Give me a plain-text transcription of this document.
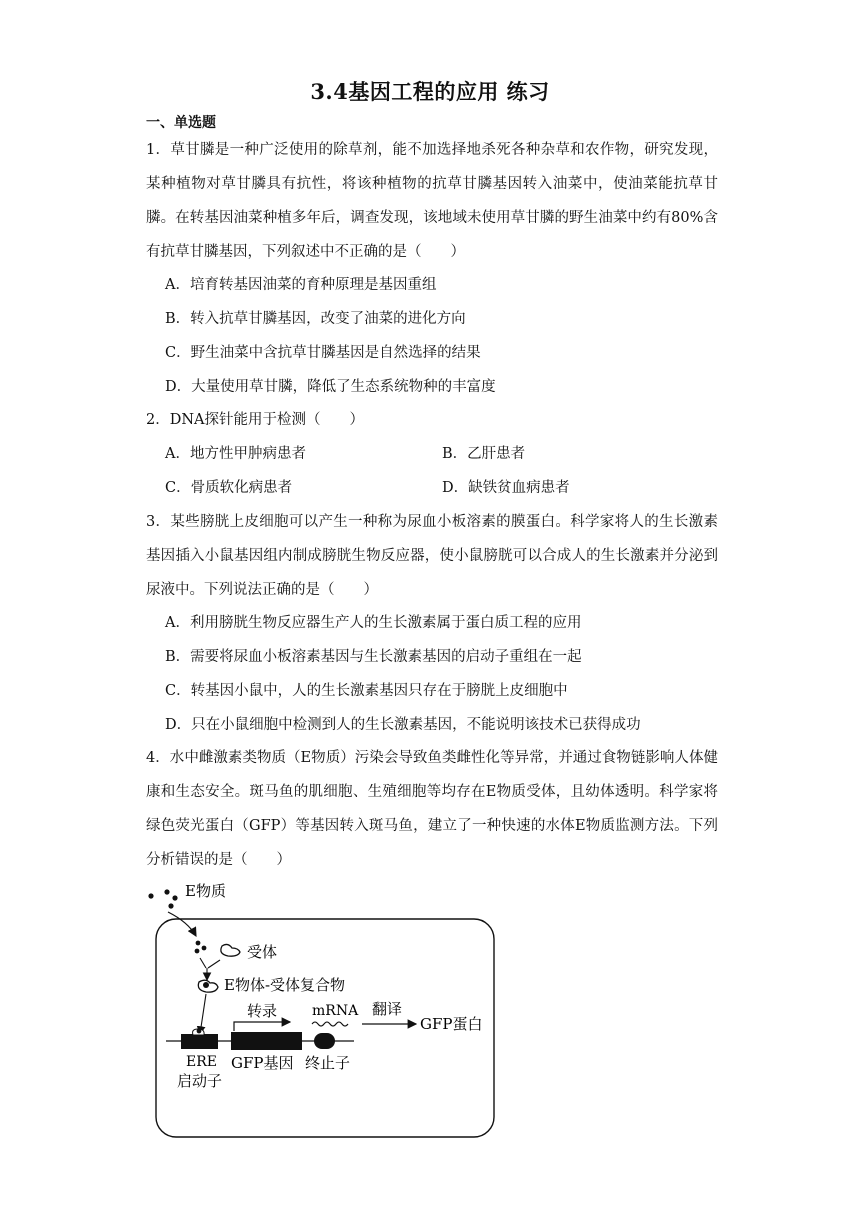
3.4基因工程的应用 练习
一、单选题
1．草甘膦是一种广泛使用的除草剂，能不加选择地杀死各种杂草和农作物，研究发现，某种植物对草甘膦具有抗性，将该种植物的抗草甘膦基因转入油菜中，使油菜能抗草甘膦。在转基因油菜种植多年后，调查发现，该地域未使用草甘膦的野生油菜中约有80%含有抗草甘膦基因，下列叙述中不正确的是（　　）
A．培育转基因油菜的育种原理是基因重组
B．转入抗草甘膦基因，改变了油菜的进化方向
C．野生油菜中含抗草甘膦基因是自然选择的结果
D．大量使用草甘膦，降低了生态系统物种的丰富度
2．DNA探针能用于检测（　　）
A．地方性甲肿病患者	B．乙肝患者
C．骨质软化病患者	D．缺铁贫血病患者
3．某些膀胱上皮细胞可以产生一种称为尿血小板溶素的膜蛋白。科学家将人的生长激素基因插入小鼠基因组内制成膀胱生物反应器，使小鼠膀胱可以合成人的生长激素并分泌到尿液中。下列说法正确的是（　　）
A．利用膀胱生物反应器生产人的生长激素属于蛋白质工程的应用
B．需要将尿血小板溶素基因与生长激素基因的启动子重组在一起
C．转基因小鼠中，人的生长激素基因只存在于膀胱上皮细胞中
D．只在小鼠细胞中检测到人的生长激素基因，不能说明该技术已获得成功
4．水中雌激素类物质（E物质）污染会导致鱼类雌性化等异常，并通过食物链影响人体健康和生态安全。斑马鱼的肌细胞、生殖细胞等均存在E物质受体，且幼体透明。科学家将绿色荧光蛋白（GFP）等基因转入斑马鱼，建立了一种快速的水体E物质监测方法。下列分析错误的是（　　）
E物质
受体
E物体-受体复合物
转录 mRNA 翻译
GFP蛋白
ERE
启动子
GFP基因 终止子
